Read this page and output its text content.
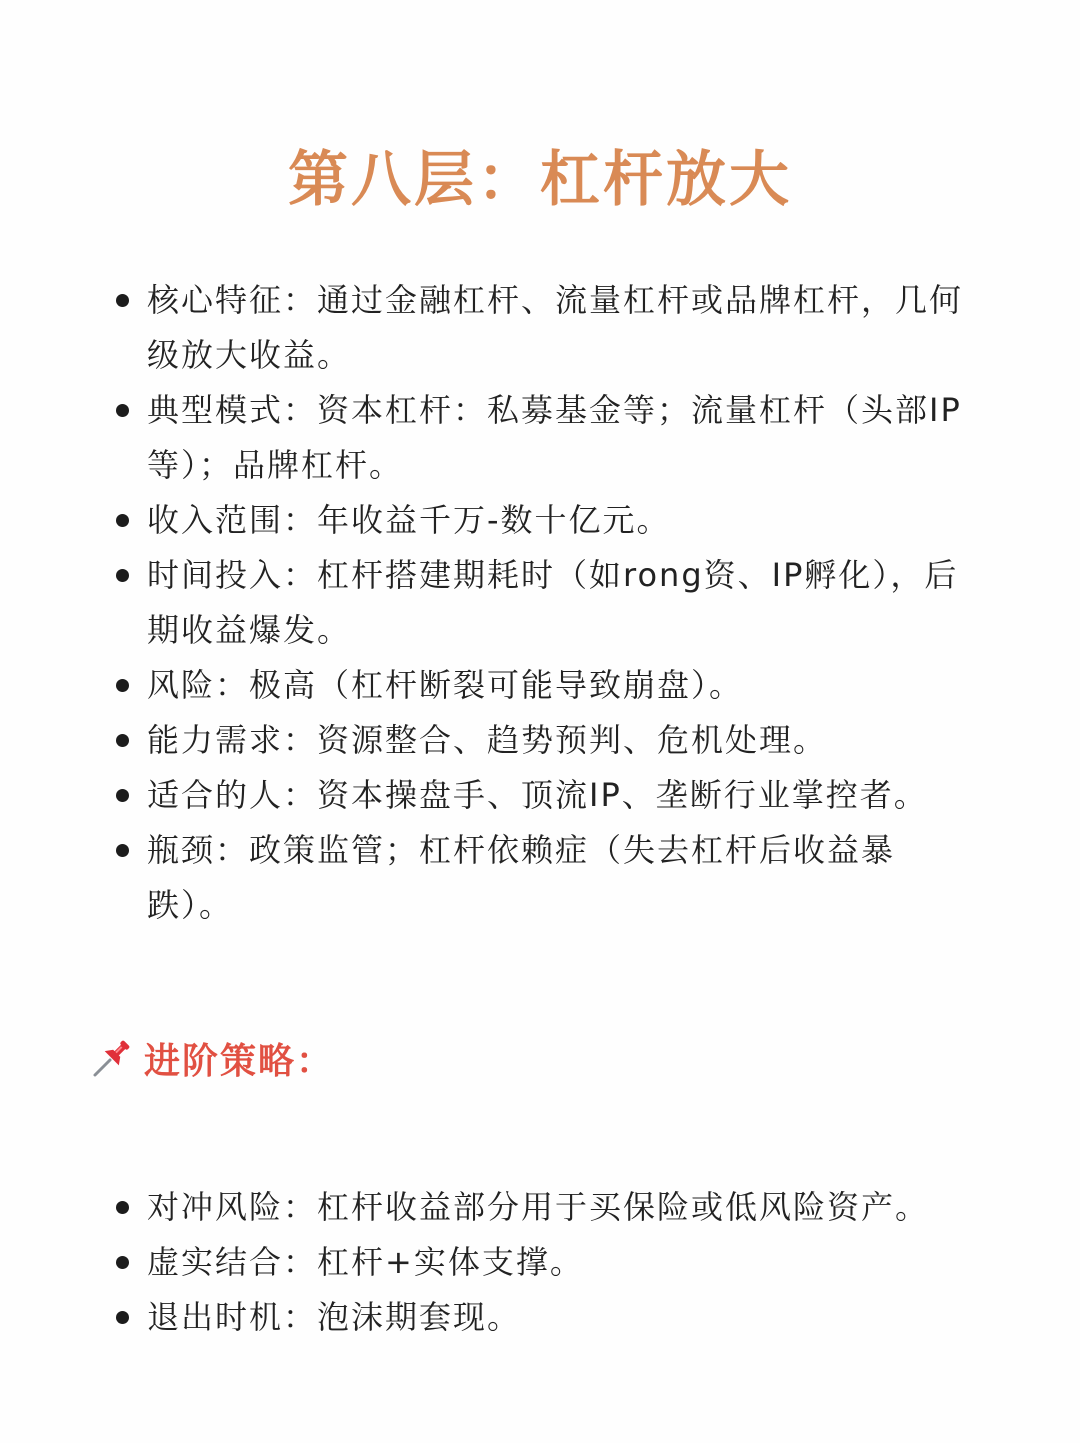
第八层：杠杆放大
核心特征：通过金融杠杆、流量杠杆或品牌杠杆，几何级放大收益。
典型模式：资本杠杆：私募基金等；流量杠杆（头部IP等）；品牌杠杆。
收入范围：年收益千万-数十亿元。
时间投入：杠杆搭建期耗时（如rong资、IP孵化），后期收益爆发。
风险：极高（杠杆断裂可能导致崩盘）。
能力需求：资源整合、趋势预判、危机处理。
适合的人：资本操盘手、顶流IP、垄断行业掌控者。
瓶颈：政策监管；杠杆依赖症（失去杠杆后收益暴跌）。
进阶策略：
对冲风险：杠杆收益部分用于买保险或低风险资产。
虚实结合：杠杆+实体支撑。
退出时机：泡沫期套现。
